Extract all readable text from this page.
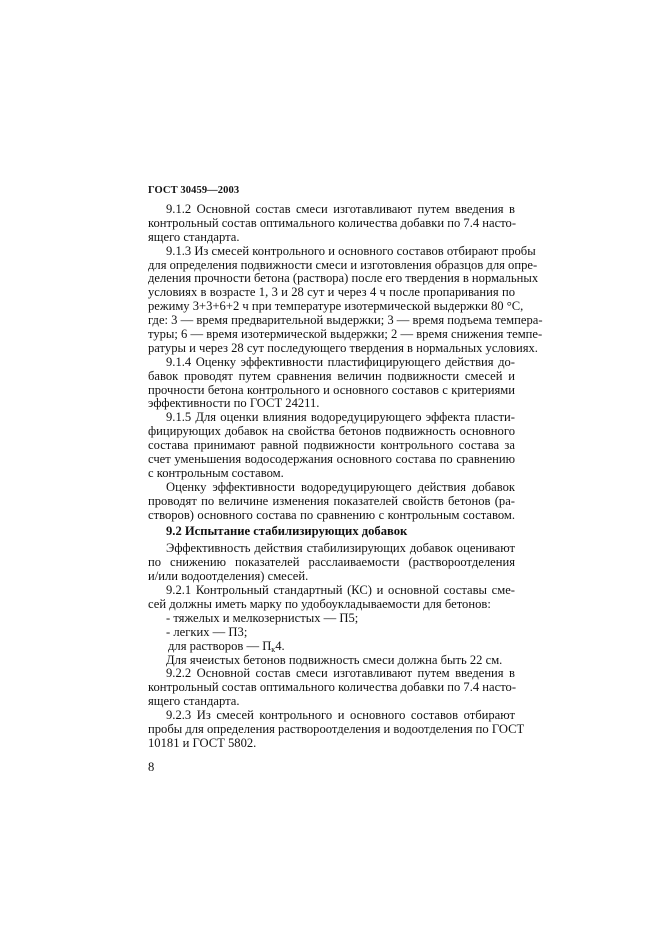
ГОСТ 30459—2003
9.1.2 Основной состав смеси изготавливают путем введения в
контрольный состав оптимального количества добавки по 7.4 насто-
ящего стандарта.
9.1.3 Из смесей контрольного и основного составов отбирают пробы
для определения подвижности смеси и изготовления образцов для опре-
деления прочности бетона (раствора) после его твердения в нормальных
условиях в возрасте 1, 3 и 28 сут и через 4 ч после пропаривания по
режиму 3+3+6+2 ч при температуре изотермической выдержки 80 °С,
где: 3 — время предварительной выдержки; 3 — время подъема темпера-
туры; 6 — время изотермической выдержки; 2 — время снижения темпе-
ратуры и через 28 сут последующего твердения в нормальных условиях.
9.1.4 Оценку эффективности пластифицирующего действия до-
бавок проводят путем сравнения величин подвижности смесей и
прочности бетона контрольного и основного составов с критериями
эффективности по ГОСТ 24211.
9.1.5 Для оценки влияния водоредуцирующего эффекта пласти-
фицирующих добавок на свойства бетонов подвижность основного
состава принимают равной подвижности контрольного состава за
счет уменьшения водосодержания основного состава по сравнению
с контрольным составом.
Оценку эффективности водоредуцирующего действия добавок
проводят по величине изменения показателей свойств бетонов (ра-
створов) основного состава по сравнению с контрольным составом.
9.2 Испытание стабилизирующих добавок
Эффективность действия стабилизирующих добавок оценивают
по снижению показателей расслаиваемости (раствороотделения
и/или водоотделения) смесей.
9.2.1 Контрольный стандартный (КС) и основной составы сме-
сей должны иметь марку по удобоукладываемости для бетонов:
- тяжелых и мелкозернистых — П5;
- легких — П3;
для растворов — $П_к4$.
Для ячеистых бетонов подвижность смеси должна быть 22 см.
9.2.2 Основной состав смеси изготавливают путем введения в
контрольный состав оптимального количества добавки по 7.4 насто-
ящего стандарта.
9.2.3 Из смесей контрольного и основного составов отбирают
пробы для определения раствороотделения и водоотделения по ГОСТ
10181 и ГОСТ 5802.
8
